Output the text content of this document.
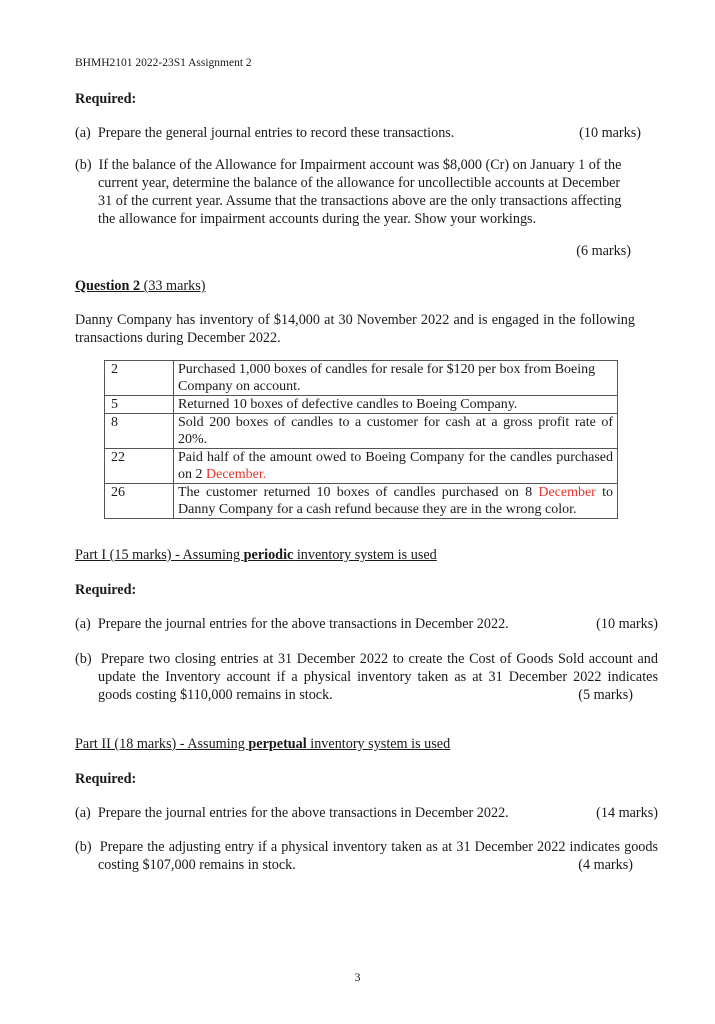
BHMH2101 2022-23S1 Assignment 2
Required:
(a) Prepare the general journal entries to record these transactions.	(10 marks)
(b) If the balance of the Allowance for Impairment account was $8,000 (Cr) on January 1 of the current year, determine the balance of the allowance for uncollectible accounts at December 31 of the current year. Assume that the transactions above are the only transactions affecting the allowance for impairment accounts during the year. Show your workings.
(6 marks)
Question 2 (33 marks)
Danny Company has inventory of $14,000 at 30 November 2022 and is engaged in the following transactions during December 2022.
2	Purchased 1,000 boxes of candles for resale for $120 per box from Boeing Company on account.
5	Returned 10 boxes of defective candles to Boeing Company.
8	Sold 200 boxes of candles to a customer for cash at a gross profit rate of 20%.
22	Paid half of the amount owed to Boeing Company for the candles purchased on 2 December.
26	The customer returned 10 boxes of candles purchased on 8 December to Danny Company for a cash refund because they are in the wrong color.
Part I (15 marks) - Assuming periodic inventory system is used
Required:
(a) Prepare the journal entries for the above transactions in December 2022.	(10 marks)
(b) Prepare two closing entries at 31 December 2022 to create the Cost of Goods Sold account and update the Inventory account if a physical inventory taken as at 31 December 2022 indicates goods costing $110,000 remains in stock.	(5 marks)
Part II (18 marks) - Assuming perpetual inventory system is used
Required:
(a) Prepare the journal entries for the above transactions in December 2022.	(14 marks)
(b) Prepare the adjusting entry if a physical inventory taken as at 31 December 2022 indicates goods costing $107,000 remains in stock.	(4 marks)
3
